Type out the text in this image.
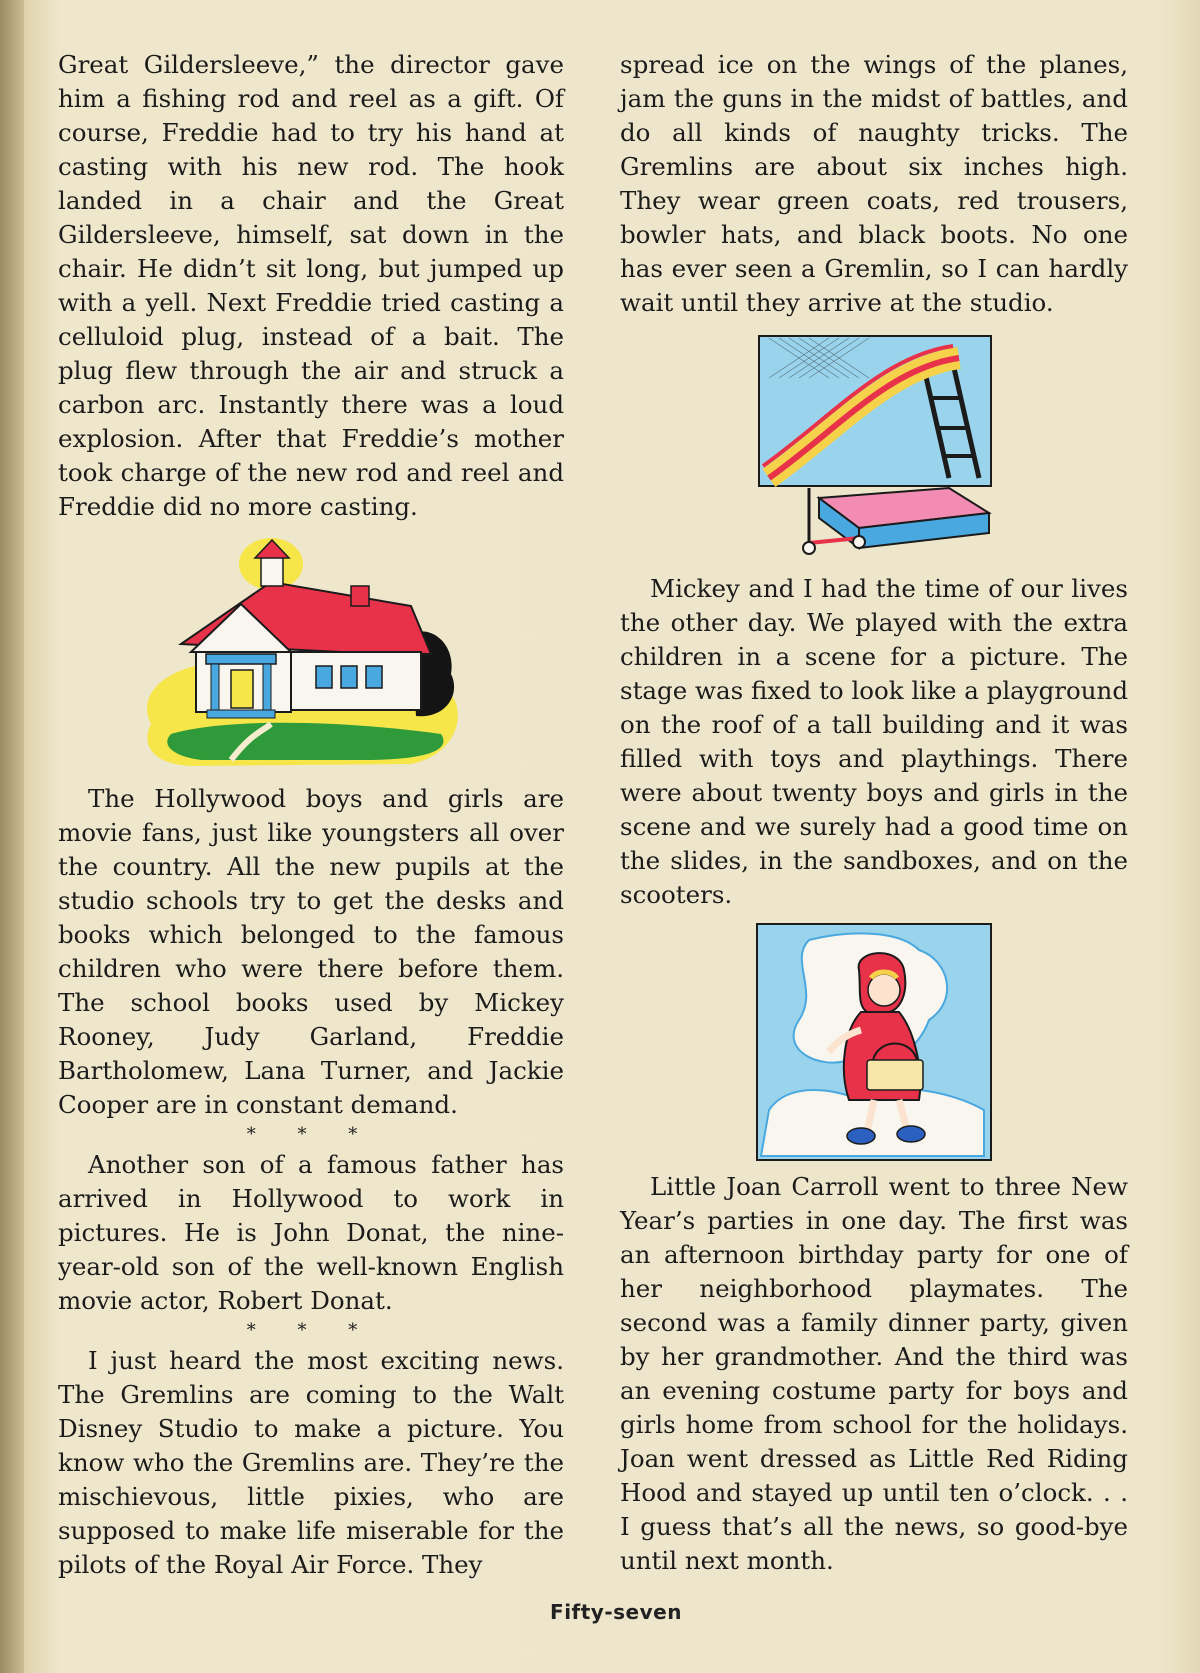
Great Gildersleeve,” the director gave him a fishing rod and reel as a gift. Of course, Freddie had to try his hand at casting with his new rod. The hook landed in a chair and the Great Gildersleeve, himself, sat down in the chair. He didn’t sit long, but jumped up with a yell. Next Freddie tried casting a celluloid plug, instead of a bait. The plug flew through the air and struck a carbon arc. Instantly there was a loud explosion. After that Freddie’s mother took charge of the new rod and reel and Freddie did no more casting.

The Hollywood boys and girls are movie fans, just like youngsters all over the country. All the new pupils at the studio schools try to get the desks and books which belonged to the famous children who were there before them. The school books used by Mickey Rooney, Judy Garland, Freddie Bartholomew, Lana Turner, and Jackie Cooper are in constant demand.

* * *

Another son of a famous father has arrived in Hollywood to work in pictures. He is John Donat, the nine-year-old son of the well-known English movie actor, Robert Donat.

* * *

I just heard the most exciting news. The Gremlins are coming to the Walt Disney Studio to make a picture. You know who the Gremlins are. They’re the mischievous, little pixies, who are supposed to make life miserable for the pilots of the Royal Air Force. They

spread ice on the wings of the planes, jam the guns in the midst of battles, and do all kinds of naughty tricks. The Gremlins are about six inches high. They wear green coats, red trousers, bowler hats, and black boots. No one has ever seen a Gremlin, so I can hardly wait until they arrive at the studio.

Mickey and I had the time of our lives the other day. We played with the extra children in a scene for a picture. The stage was fixed to look like a playground on the roof of a tall building and it was filled with toys and playthings. There were about twenty boys and girls in the scene and we surely had a good time on the slides, in the sandboxes, and on the scooters.

Little Joan Carroll went to three New Year’s parties in one day. The first was an afternoon birthday party for one of her neighborhood playmates. The second was a family dinner party, given by her grandmother. And the third was an evening costume party for boys and girls home from school for the holidays. Joan went dressed as Little Red Riding Hood and stayed up until ten o’clock. . . I guess that’s all the news, so good-bye until next month.

Fifty-seven
